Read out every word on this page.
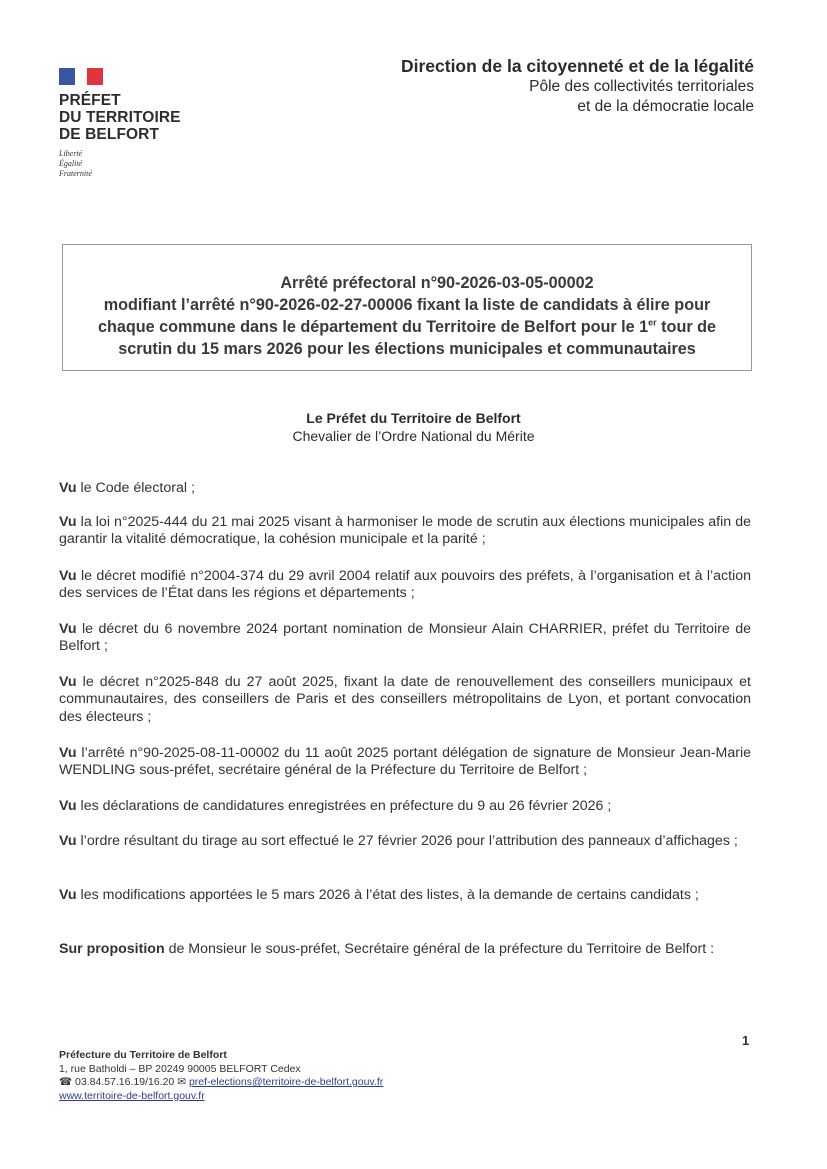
PRÉFET
DU TERRITOIRE
DE BELFORT
Liberté
Égalité
Fraternité
Direction de la citoyenneté et de la légalité
Pôle des collectivités territoriales
et de la démocratie locale
Arrêté préfectoral n°90-2026-03-05-00002
modifiant l’arrêté n°90-2026-02-27-00006 fixant la liste de candidats à élire pour
chaque commune dans le département du Territoire de Belfort pour le 1er tour de
scrutin du 15 mars 2026 pour les élections municipales et communautaires
Le Préfet du Territoire de Belfort
Chevalier de l’Ordre National du Mérite

Vu le Code électoral ;

Vu la loi n°2025-444 du 21 mai 2025 visant à harmoniser le mode de scrutin aux élections municipales afin de garantir la vitalité démocratique, la cohésion municipale et la parité ;

Vu le décret modifié n°2004-374 du 29 avril 2004 relatif aux pouvoirs des préfets, à l’organisation et à l’action des services de l’État dans les régions et départements ;

Vu le décret du 6 novembre 2024 portant nomination de Monsieur Alain CHARRIER, préfet du Territoire de Belfort ;

Vu le décret n°2025-848 du 27 août 2025, fixant la date de renouvellement des conseillers municipaux et communautaires, des conseillers de Paris et des conseillers métropolitains de Lyon, et portant convocation des électeurs ;

Vu l’arrêté n°90-2025-08-11-00002 du 11 août 2025 portant délégation de signature de Monsieur Jean-Marie WENDLING sous-préfet, secrétaire général de la Préfecture du Territoire de Belfort ;

Vu les déclarations de candidatures enregistrées en préfecture du 9 au 26 février 2026 ;

Vu l’ordre résultant du tirage au sort effectué le 27 février 2026 pour l’attribution des panneaux d’affichages ;

Vu les modifications apportées le 5 mars 2026 à l’état des listes, à la demande de certains candidats ;

Sur proposition de Monsieur le sous-préfet, Secrétaire général de la préfecture du Territoire de Belfort :

1
Préfecture du Territoire de Belfort
1, rue Batholdi – BP 20249 90005 BELFORT Cedex
☎ 03.84.57.16.19/16.20 ✉ pref-elections@territoire-de-belfort.gouv.fr
www.territoire-de-belfort.gouv.fr
